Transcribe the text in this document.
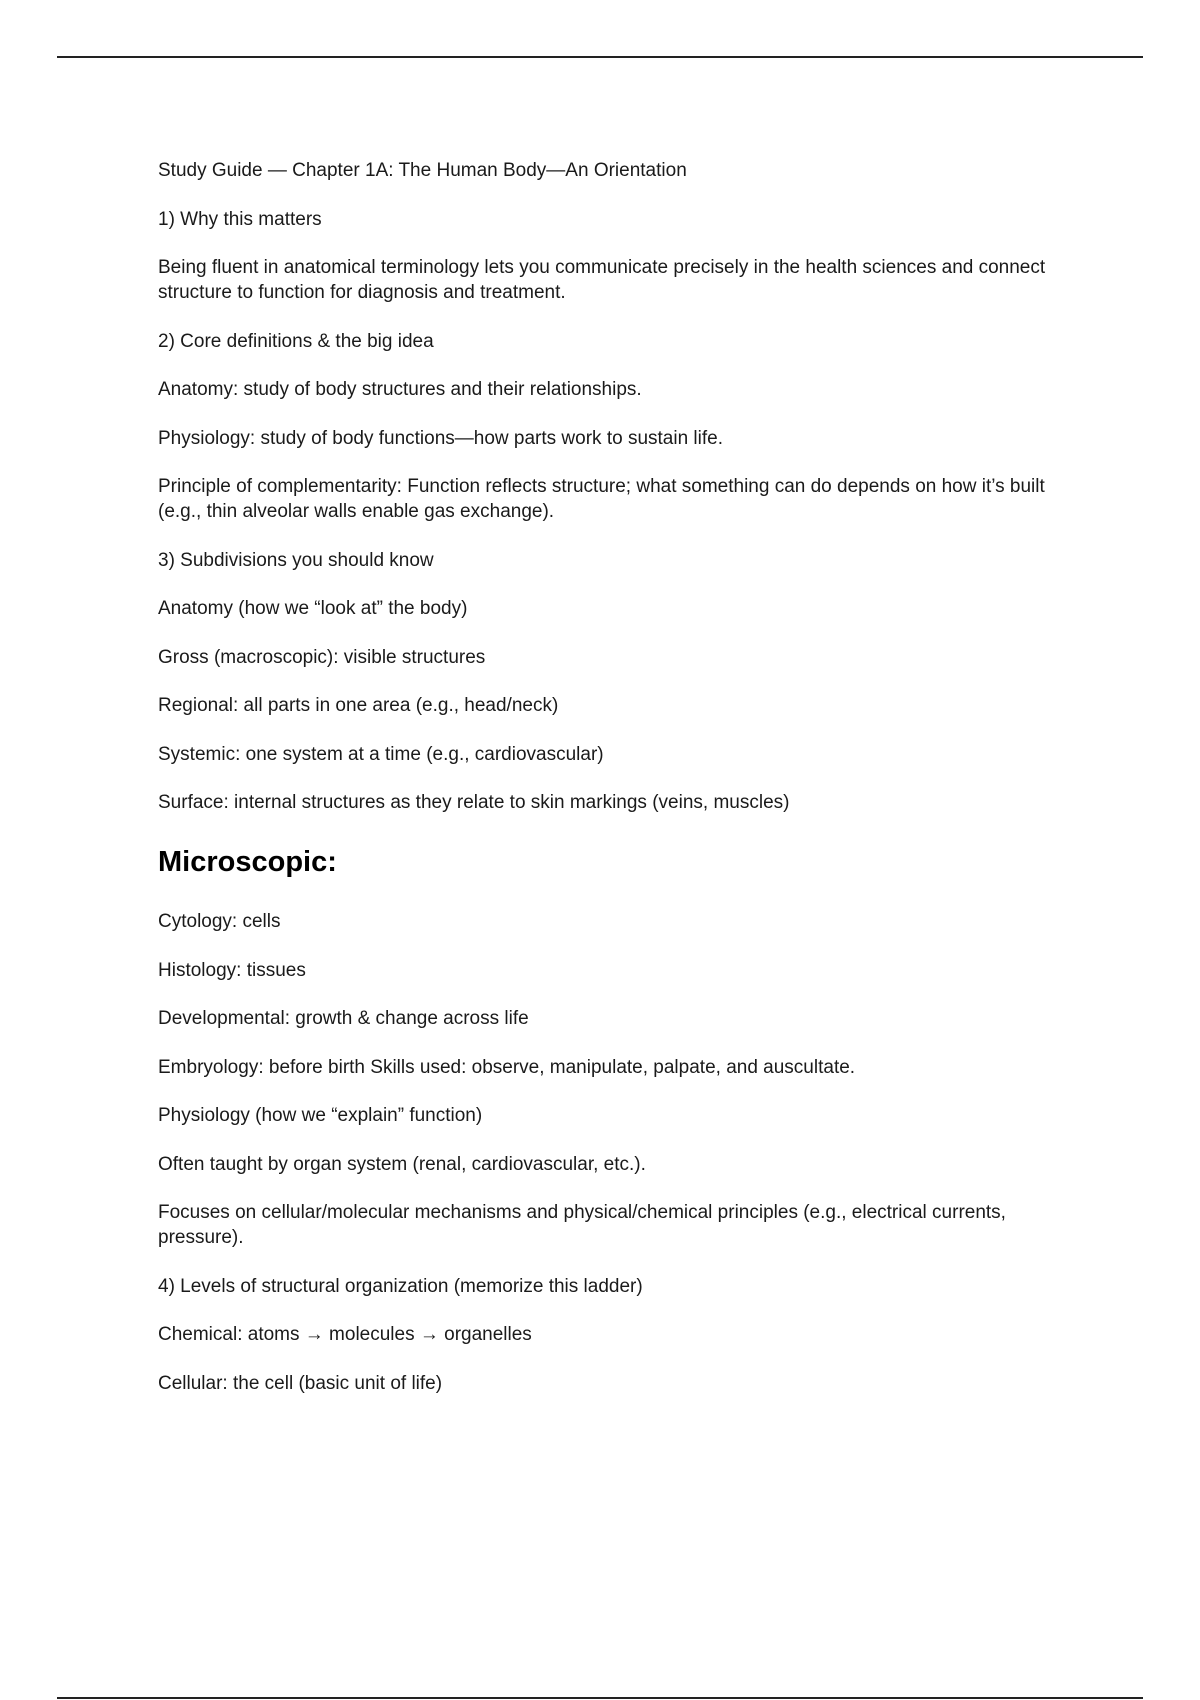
Study Guide — Chapter 1A: The Human Body—An Orientation

1) Why this matters

Being fluent in anatomical terminology lets you communicate precisely in the health sciences and connect structure to function for diagnosis and treatment.

2) Core definitions & the big idea

Anatomy: study of body structures and their relationships.

Physiology: study of body functions—how parts work to sustain life.

Principle of complementarity: Function reflects structure; what something can do depends on how it’s built (e.g., thin alveolar walls enable gas exchange).

3) Subdivisions you should know

Anatomy (how we “look at” the body)

Gross (macroscopic): visible structures

Regional: all parts in one area (e.g., head/neck)

Systemic: one system at a time (e.g., cardiovascular)

Surface: internal structures as they relate to skin markings (veins, muscles)

Microscopic:

Cytology: cells

Histology: tissues

Developmental: growth & change across life

Embryology: before birth Skills used: observe, manipulate, palpate, and auscultate.

Physiology (how we “explain” function)

Often taught by organ system (renal, cardiovascular, etc.).

Focuses on cellular/molecular mechanisms and physical/chemical principles (e.g., electrical currents, pressure).

4) Levels of structural organization (memorize this ladder)

Chemical: atoms → molecules → organelles

Cellular: the cell (basic unit of life)
